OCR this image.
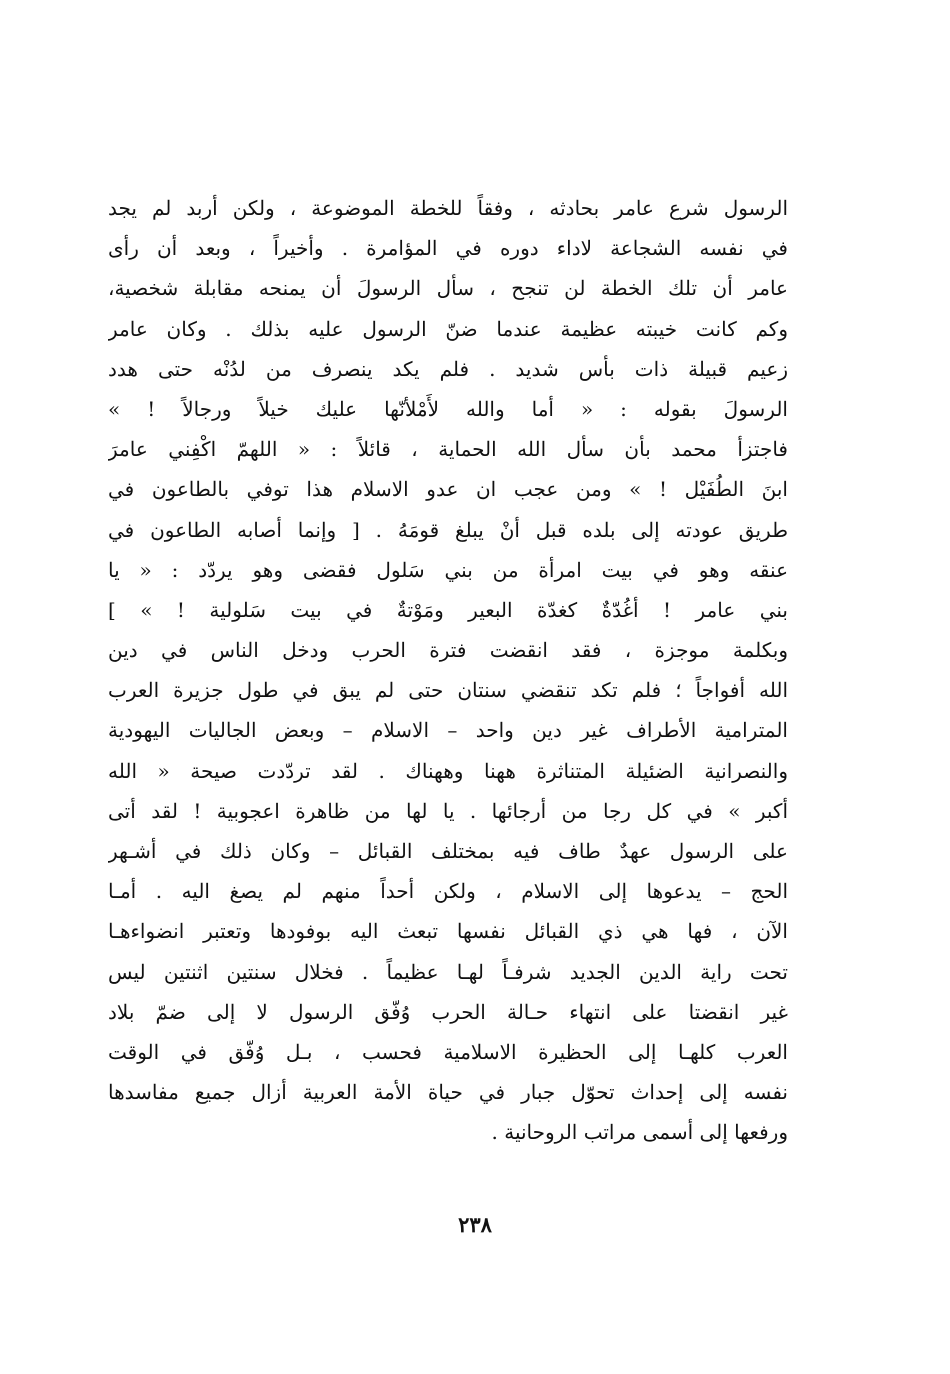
الرسول شرع عامر بحادثه ، وفقاً للخطة الموضوعة ، ولكن أربد لم يجد
في نفسه الشجاعة لاداء دوره في المؤامرة . وأخيراً ، وبعد أن رأى
عامر أن تلك الخطة لن تنجح ، سأل الرسولَ أن يمنحه مقابلة شخصية،
وكم كانت خيبته عظيمة عندما ضنّ الرسول عليه بذلك . وكان عامر
زعيم قبيلة ذات بأس شديد . فلم يكد ينصرف من لدُنْه حتى هدد
الرسولَ بقوله : « أما والله لأَمْلأنّها عليك خيلاً ورجالاً ! »
فاجتزأ محمد بأن سأل الله الحماية ، قائلاً : « اللهمّ اكْفِني عامرَ
ابنَ الطُفَيْل ! » ومن عجب ان عدو الاسلام هذا توفي بالطاعون في
طريق عودته إلى بلده قبل أنْ يبلغ قومَهُ . [ وإنما أصابه الطاعون في
عنقه وهو في بيت امرأة من بني سَلول فقضى وهو يردّد : « يا
بني عامر ! أغُدّةٌ كغدّة البعير ومَوْتةٌ في بيت سَلولية ! » ]
وبكلمة موجزة ، فقد انقضت فترة الحرب ودخل الناس في دين
الله أفواجاً ؛ فلم تكد تنقضي سنتان حتى لم يبق في طول جزيرة العرب
المترامية الأطراف غير دين واحد – الاسلام – وبعض الجاليات اليهودية
والنصرانية الضئيلة المتناثرة ههنا وههناك . لقد تردّدت صيحة « الله
أكبر » في كل رجا من أرجائها . يا لها من ظاهرة اعجوبية ! لقد أتى
على الرسول عهدٌ طاف فيه بمختلف القبائل – وكان ذلك في أشـهر
الحج – يدعوها إلى الاسلام ، ولكن أحداً منهم لم يصغ اليه . أمـا
الآن ، فها هي ذي القبائل نفسها تبعث اليه بوفودها وتعتبر انضواءهـا
تحت راية الدين الجديد شرفـاً لهـا عظيماً . فخلال سنتين اثنتين ليس
غير انقضتا على انتهاء حـالة الحرب وُفّق الرسول لا إلى ضمّ بلاد
العرب كلهـا إلى الحظيرة الاسلامية فحسب ، بـل وُفّق في الوقت
نفسه إلى إحداث تحوّل جبار في حياة الأمة العربية أزال جميع مفاسدها
ورفعها إلى أسمى مراتب الروحانية .
٢٣٨
